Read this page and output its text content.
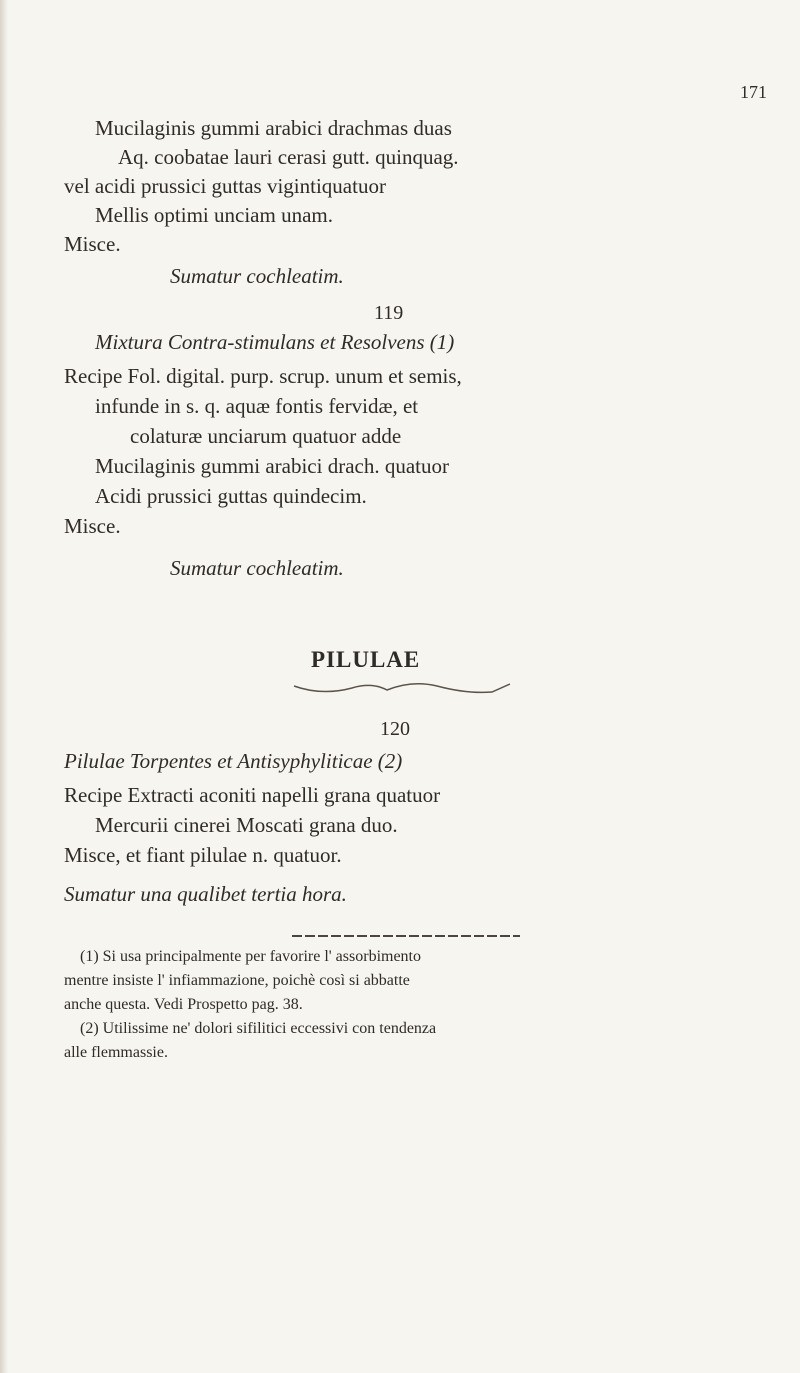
171
Mucilaginis gummi arabici drachmas duas
Aq. coobatae lauri cerasi gutt. quinquag.
vel acidi prussici guttas vigintiquatuor
Mellis optimi unciam unam.
Misce.
Sumatur cochleatim.
119
Mixtura Contra-stimulans et Resolvens (1)
Recipe Fol. digital. purp. scrup. unum et semis,
infunde in s. q. aquæ fontis fervidæ, et
colaturæ unciarum quatuor adde
Mucilaginis gummi arabici drach. quatuor
Acidi prussici guttas quindecim.
Misce.
Sumatur cochleatim.
PILULAE
120
Pilulae Torpentes et Antisyphyliticae (2)
Recipe Extracti aconiti napelli grana quatuor
Mercurii cinerei Moscati grana duo.
Misce, et fiant pilulae n. quatuor.
Sumatur una qualibet tertia hora.
(1) Si usa principalmente per favorire l' assorbimento
mentre insiste l' infiammazione, poichè così si abbatte
anche questa. Vedi Prospetto pag. 38.
(2) Utilissime ne' dolori sifilitici eccessivi con tendenza
alle flemmassie.
